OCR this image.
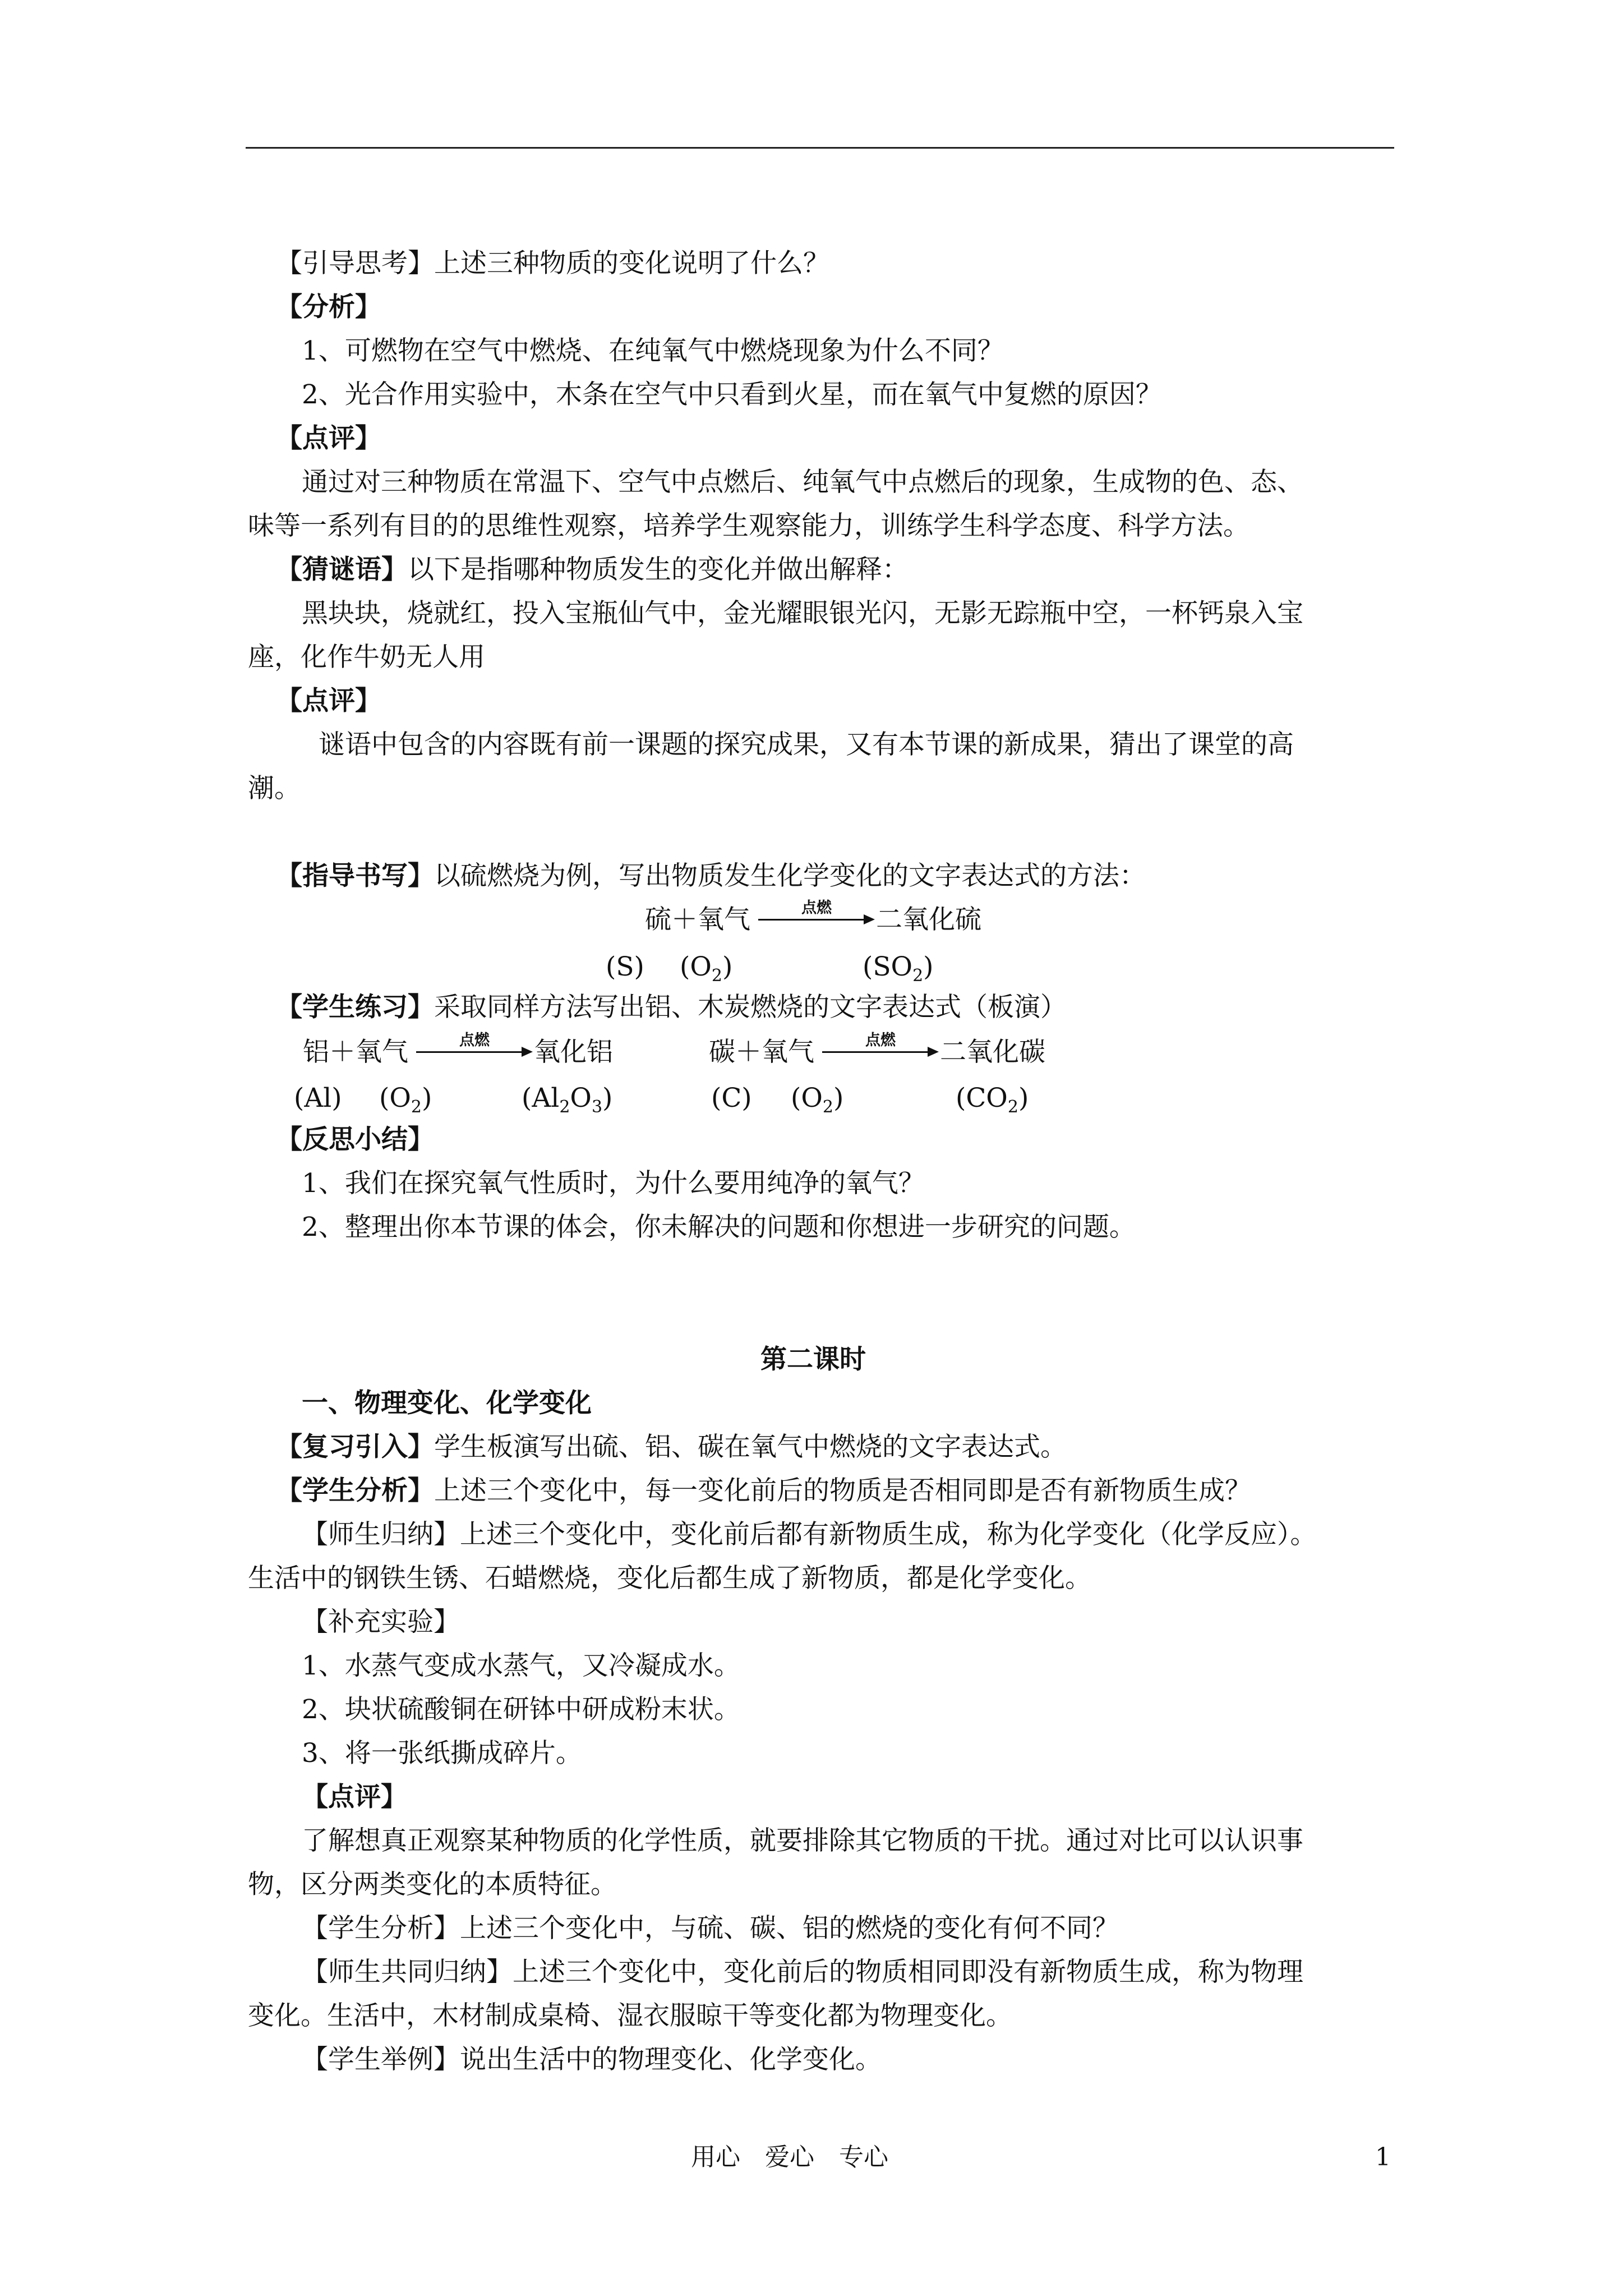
【引导思考】上述三种物质的变化说明了什么？
【分析】
1、可燃物在空气中燃烧、在纯氧气中燃烧现象为什么不同？
2、光合作用实验中，木条在空气中只看到火星，而在氧气中复燃的原因？
【点评】
通过对三种物质在常温下、空气中点燃后、纯氧气中点燃后的现象，生成物的色、态、
味等一系列有目的的思维性观察，培养学生观察能力，训练学生科学态度、科学方法。
【猜谜语】以下是指哪种物质发生的变化并做出解释：
黑块块，烧就红，投入宝瓶仙气中，金光耀眼银光闪，无影无踪瓶中空，一杯钙泉入宝
座，化作牛奶无人用
【点评】
谜语中包含的内容既有前一课题的探究成果，又有本节课的新成果，猜出了课堂的高
潮。
【指导书写】以硫燃烧为例，写出物质发生化学变化的文字表达式的方法：
硫＋氧气	点燃	二氧化硫
(S) $(O_2)$	$(SO_2)$
【学生练习】采取同样方法写出铝、木炭燃烧的文字表达式（板演）
铝＋氧气	点燃	氧化铝	碳＋氧气	点燃	二氧化碳
(Al) $(O_2)$	$(Al_2O_3)$	(C) $(O_2)$	$(CO_2)$
【反思小结】
1、我们在探究氧气性质时，为什么要用纯净的氧气？
2、整理出你本节课的体会，你未解决的问题和你想进一步研究的问题。
第二课时
一、物理变化、化学变化
【复习引入】学生板演写出硫、铝、碳在氧气中燃烧的文字表达式。
【学生分析】上述三个变化中，每一变化前后的物质是否相同即是否有新物质生成？
【师生归纳】上述三个变化中，变化前后都有新物质生成，称为化学变化（化学反应）。
生活中的钢铁生锈、石蜡燃烧，变化后都生成了新物质，都是化学变化。
【补充实验】
1、水蒸气变成水蒸气，又冷凝成水。
2、块状硫酸铜在研钵中研成粉末状。
3、将一张纸撕成碎片。
【点评】
了解想真正观察某种物质的化学性质，就要排除其它物质的干扰。通过对比可以认识事
物，区分两类变化的本质特征。
【学生分析】上述三个变化中，与硫、碳、铝的燃烧的变化有何不同？
【师生共同归纳】上述三个变化中，变化前后的物质相同即没有新物质生成，称为物理
变化。生活中，木材制成桌椅、湿衣服晾干等变化都为物理变化。
【学生举例】说出生活中的物理变化、化学变化。
用心　爱心　专心	1
